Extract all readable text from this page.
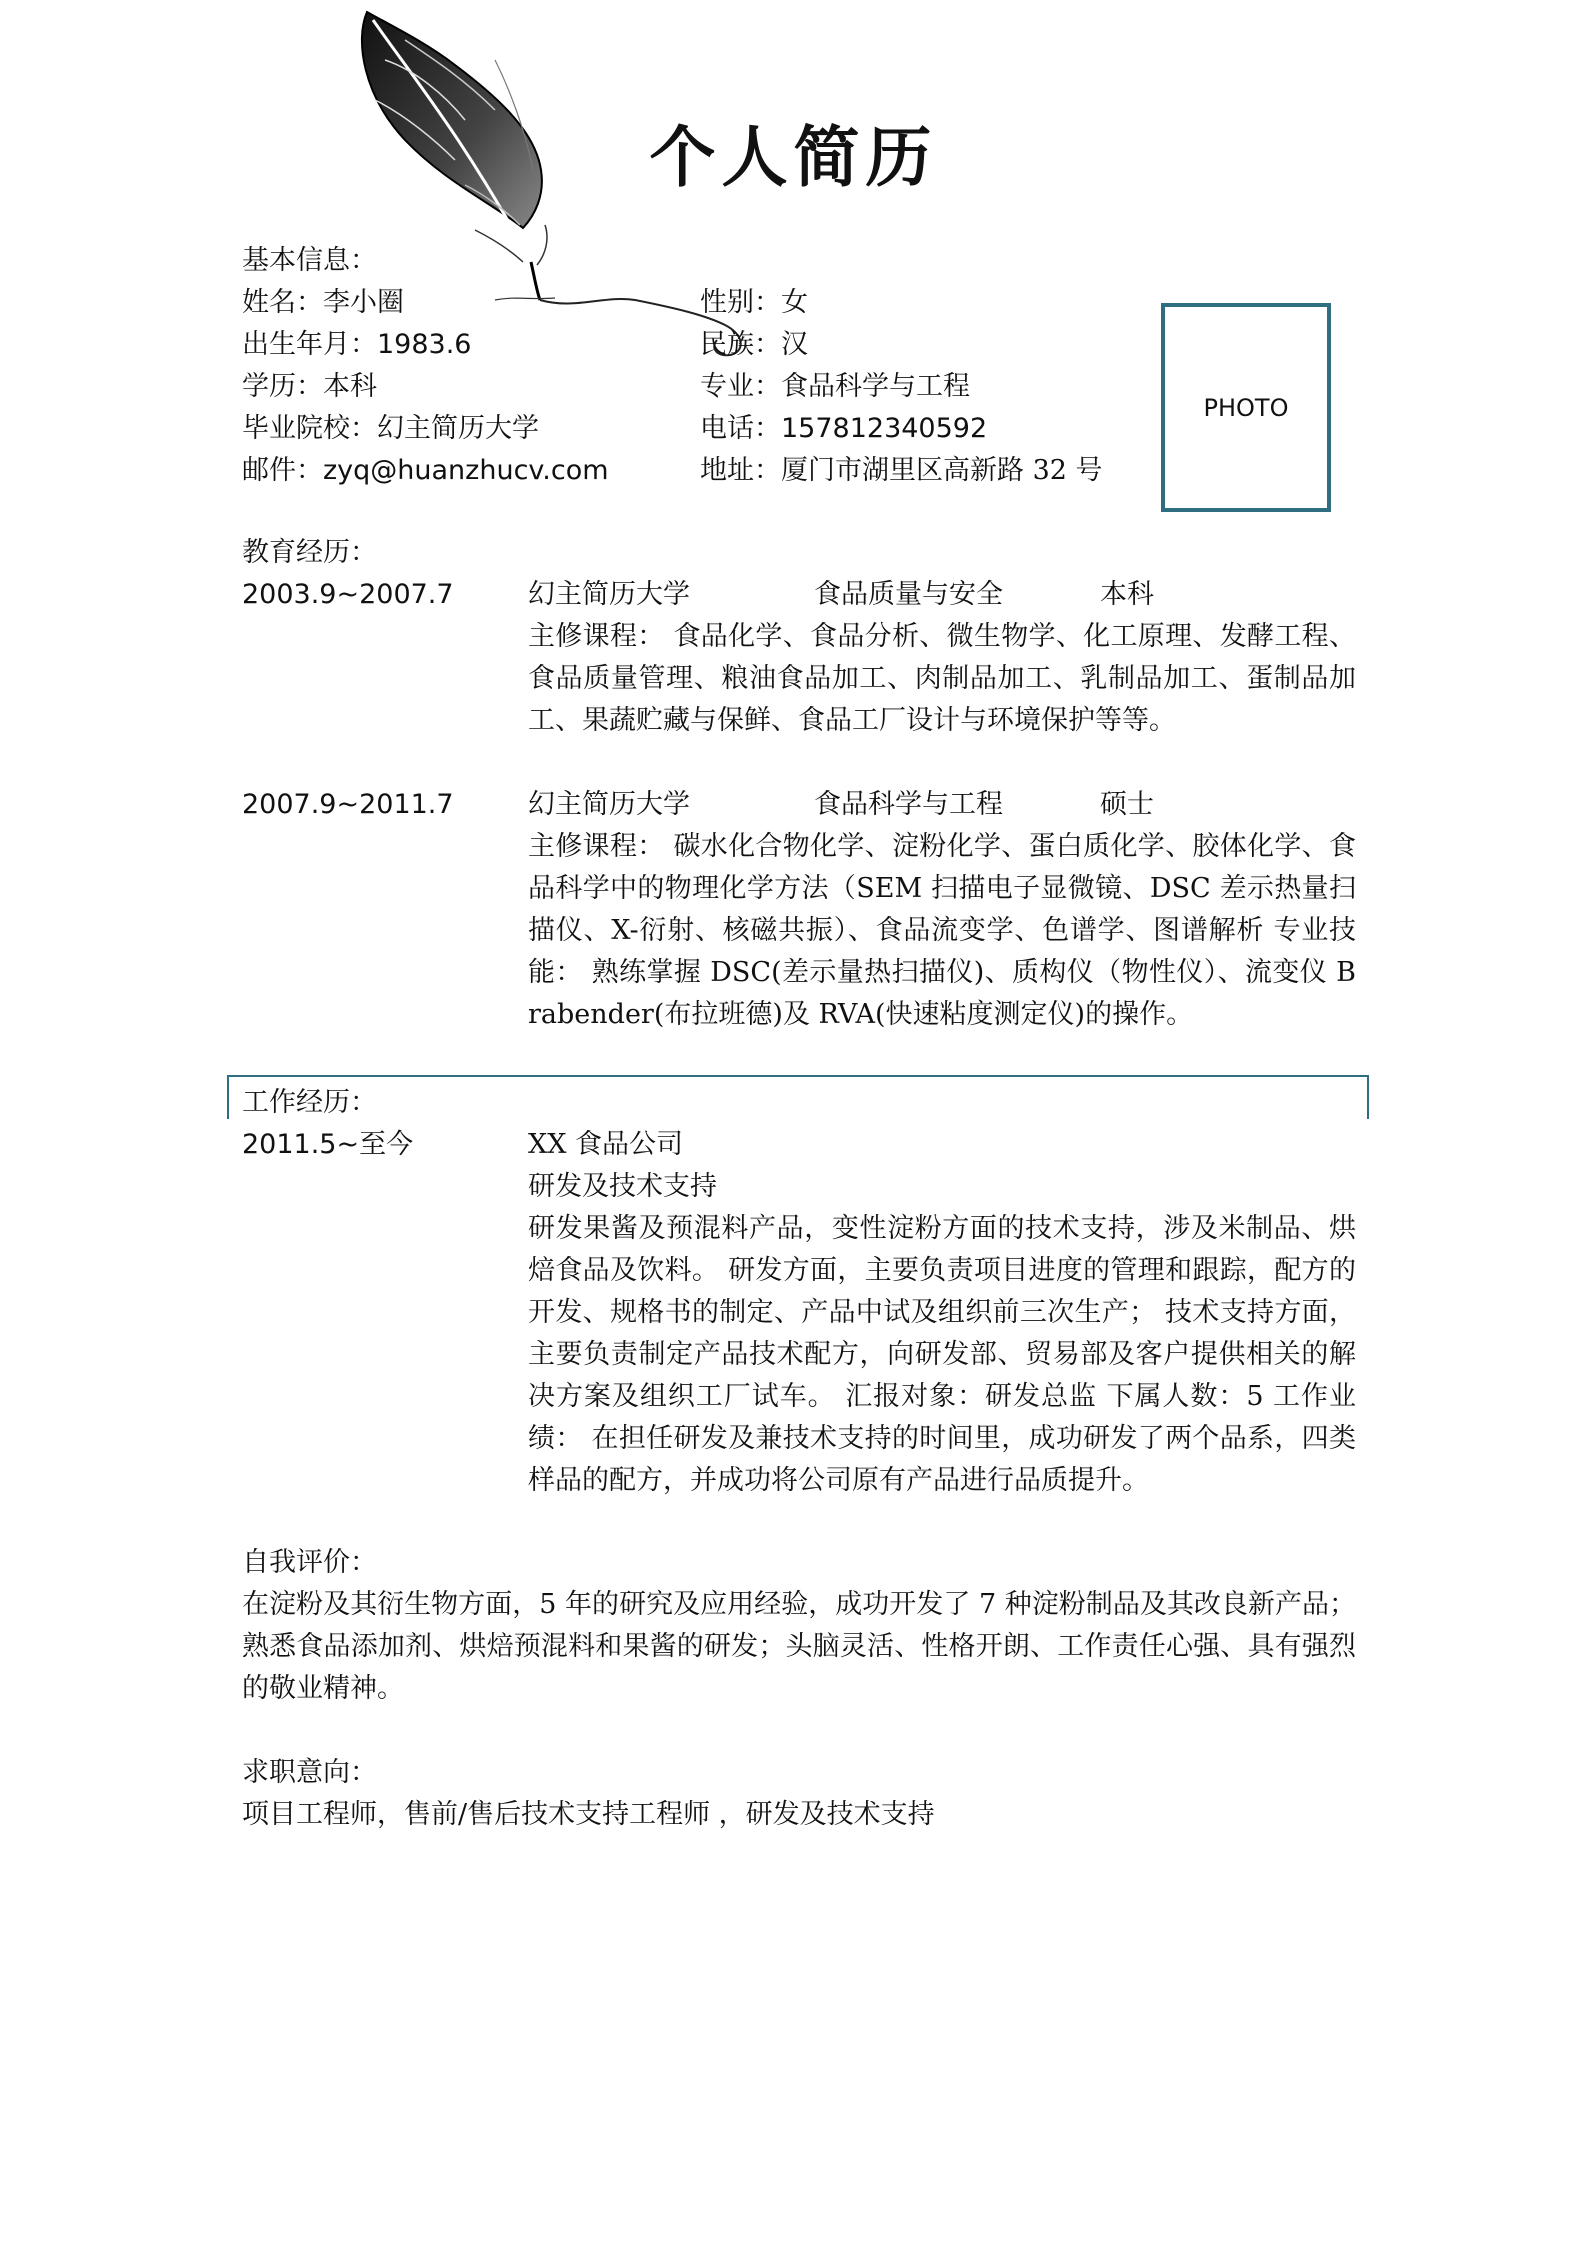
个人简历
基本信息：
姓名：李小圈	性别：女
出生年月：1983.6	民族：汉
学历：本科	专业：食品科学与工程
毕业院校：幻主简历大学	电话：157812340592
邮件：zyq@huanzhucv.com	地址：厦门市湖里区高新路 32 号
PHOTO
教育经历：
2003.9~2007.7	幻主简历大学	食品质量与安全	本科
主修课程： 食品化学、食品分析、微生物学、化工原理、发酵工程、食品质量管理、粮油食品加工、肉制品加工、乳制品加工、蛋制品加工、果蔬贮藏与保鲜、食品工厂设计与环境保护等等。
2007.9~2011.7	幻主简历大学	食品科学与工程	硕士
主修课程： 碳水化合物化学、淀粉化学、蛋白质化学、胶体化学、食品科学中的物理化学方法（SEM 扫描电子显微镜、DSC 差示热量扫描仪、X-衍射、核磁共振）、食品流变学、色谱学、图谱解析 专业技能： 熟练掌握 DSC(差示量热扫描仪)、质构仪（物性仪）、流变仪 Brabender(布拉班德)及 RVA(快速粘度测定仪)的操作。
工作经历：
2011.5~至今	XX 食品公司
研发及技术支持
研发果酱及预混料产品，变性淀粉方面的技术支持，涉及米制品、烘焙食品及饮料。 研发方面，主要负责项目进度的管理和跟踪，配方的开发、规格书的制定、产品中试及组织前三次生产； 技术支持方面，主要负责制定产品技术配方，向研发部、贸易部及客户提供相关的解决方案及组织工厂试车。 汇报对象：研发总监 下属人数：5 工作业绩： 在担任研发及兼技术支持的时间里，成功研发了两个品系，四类样品的配方，并成功将公司原有产品进行品质提升。
自我评价：
在淀粉及其衍生物方面，5 年的研究及应用经验，成功开发了 7 种淀粉制品及其改良新产品；熟悉食品添加剂、烘焙预混料和果酱的研发；头脑灵活、性格开朗、工作责任心强、具有强烈的敬业精神。
求职意向：
项目工程师，售前/售后技术支持工程师 ，研发及技术支持
